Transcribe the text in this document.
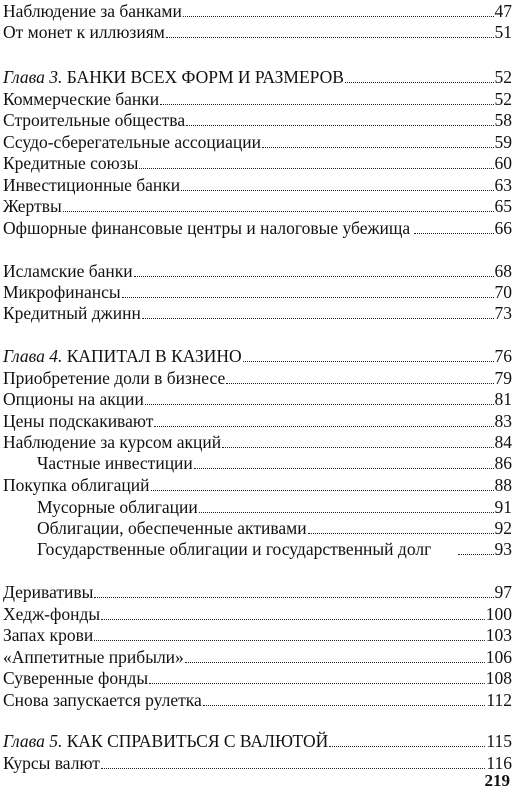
Наблюдение за банками	47
От монет к иллюзиям	51
Глава 3. БАНКИ ВСЕХ ФОРМ И РАЗМЕРОВ	52
Коммерческие банки	52
Строительные общества	58
Ссудо-сберегательные ассоциации	59
Кредитные союзы	60
Инвестиционные банки	63
Жертвы	65
Офшорные финансовые центры и налоговые убежища	66
Исламские банки	68
Микрофинансы	70
Кредитный джинн	73
Глава 4. КАПИТАЛ В КАЗИНО	76
Приобретение доли в бизнесе	79
Опционы на акции	81
Цены подскакивают	83
Наблюдение за курсом акций	84
Частные инвестиции	86
Покупка облигаций	88
Мусорные облигации	91
Облигации, обеспеченные активами	92
Государственные облигации и государственный долг	93
Деривативы	97
Хедж-фонды	100
Запах крови	103
«Аппетитные прибыли»	106
Суверенные фонды	108
Снова запускается рулетка	112
Глава 5. КАК СПРАВИТЬСЯ С ВАЛЮТОЙ	115
Курсы валют	116
219
